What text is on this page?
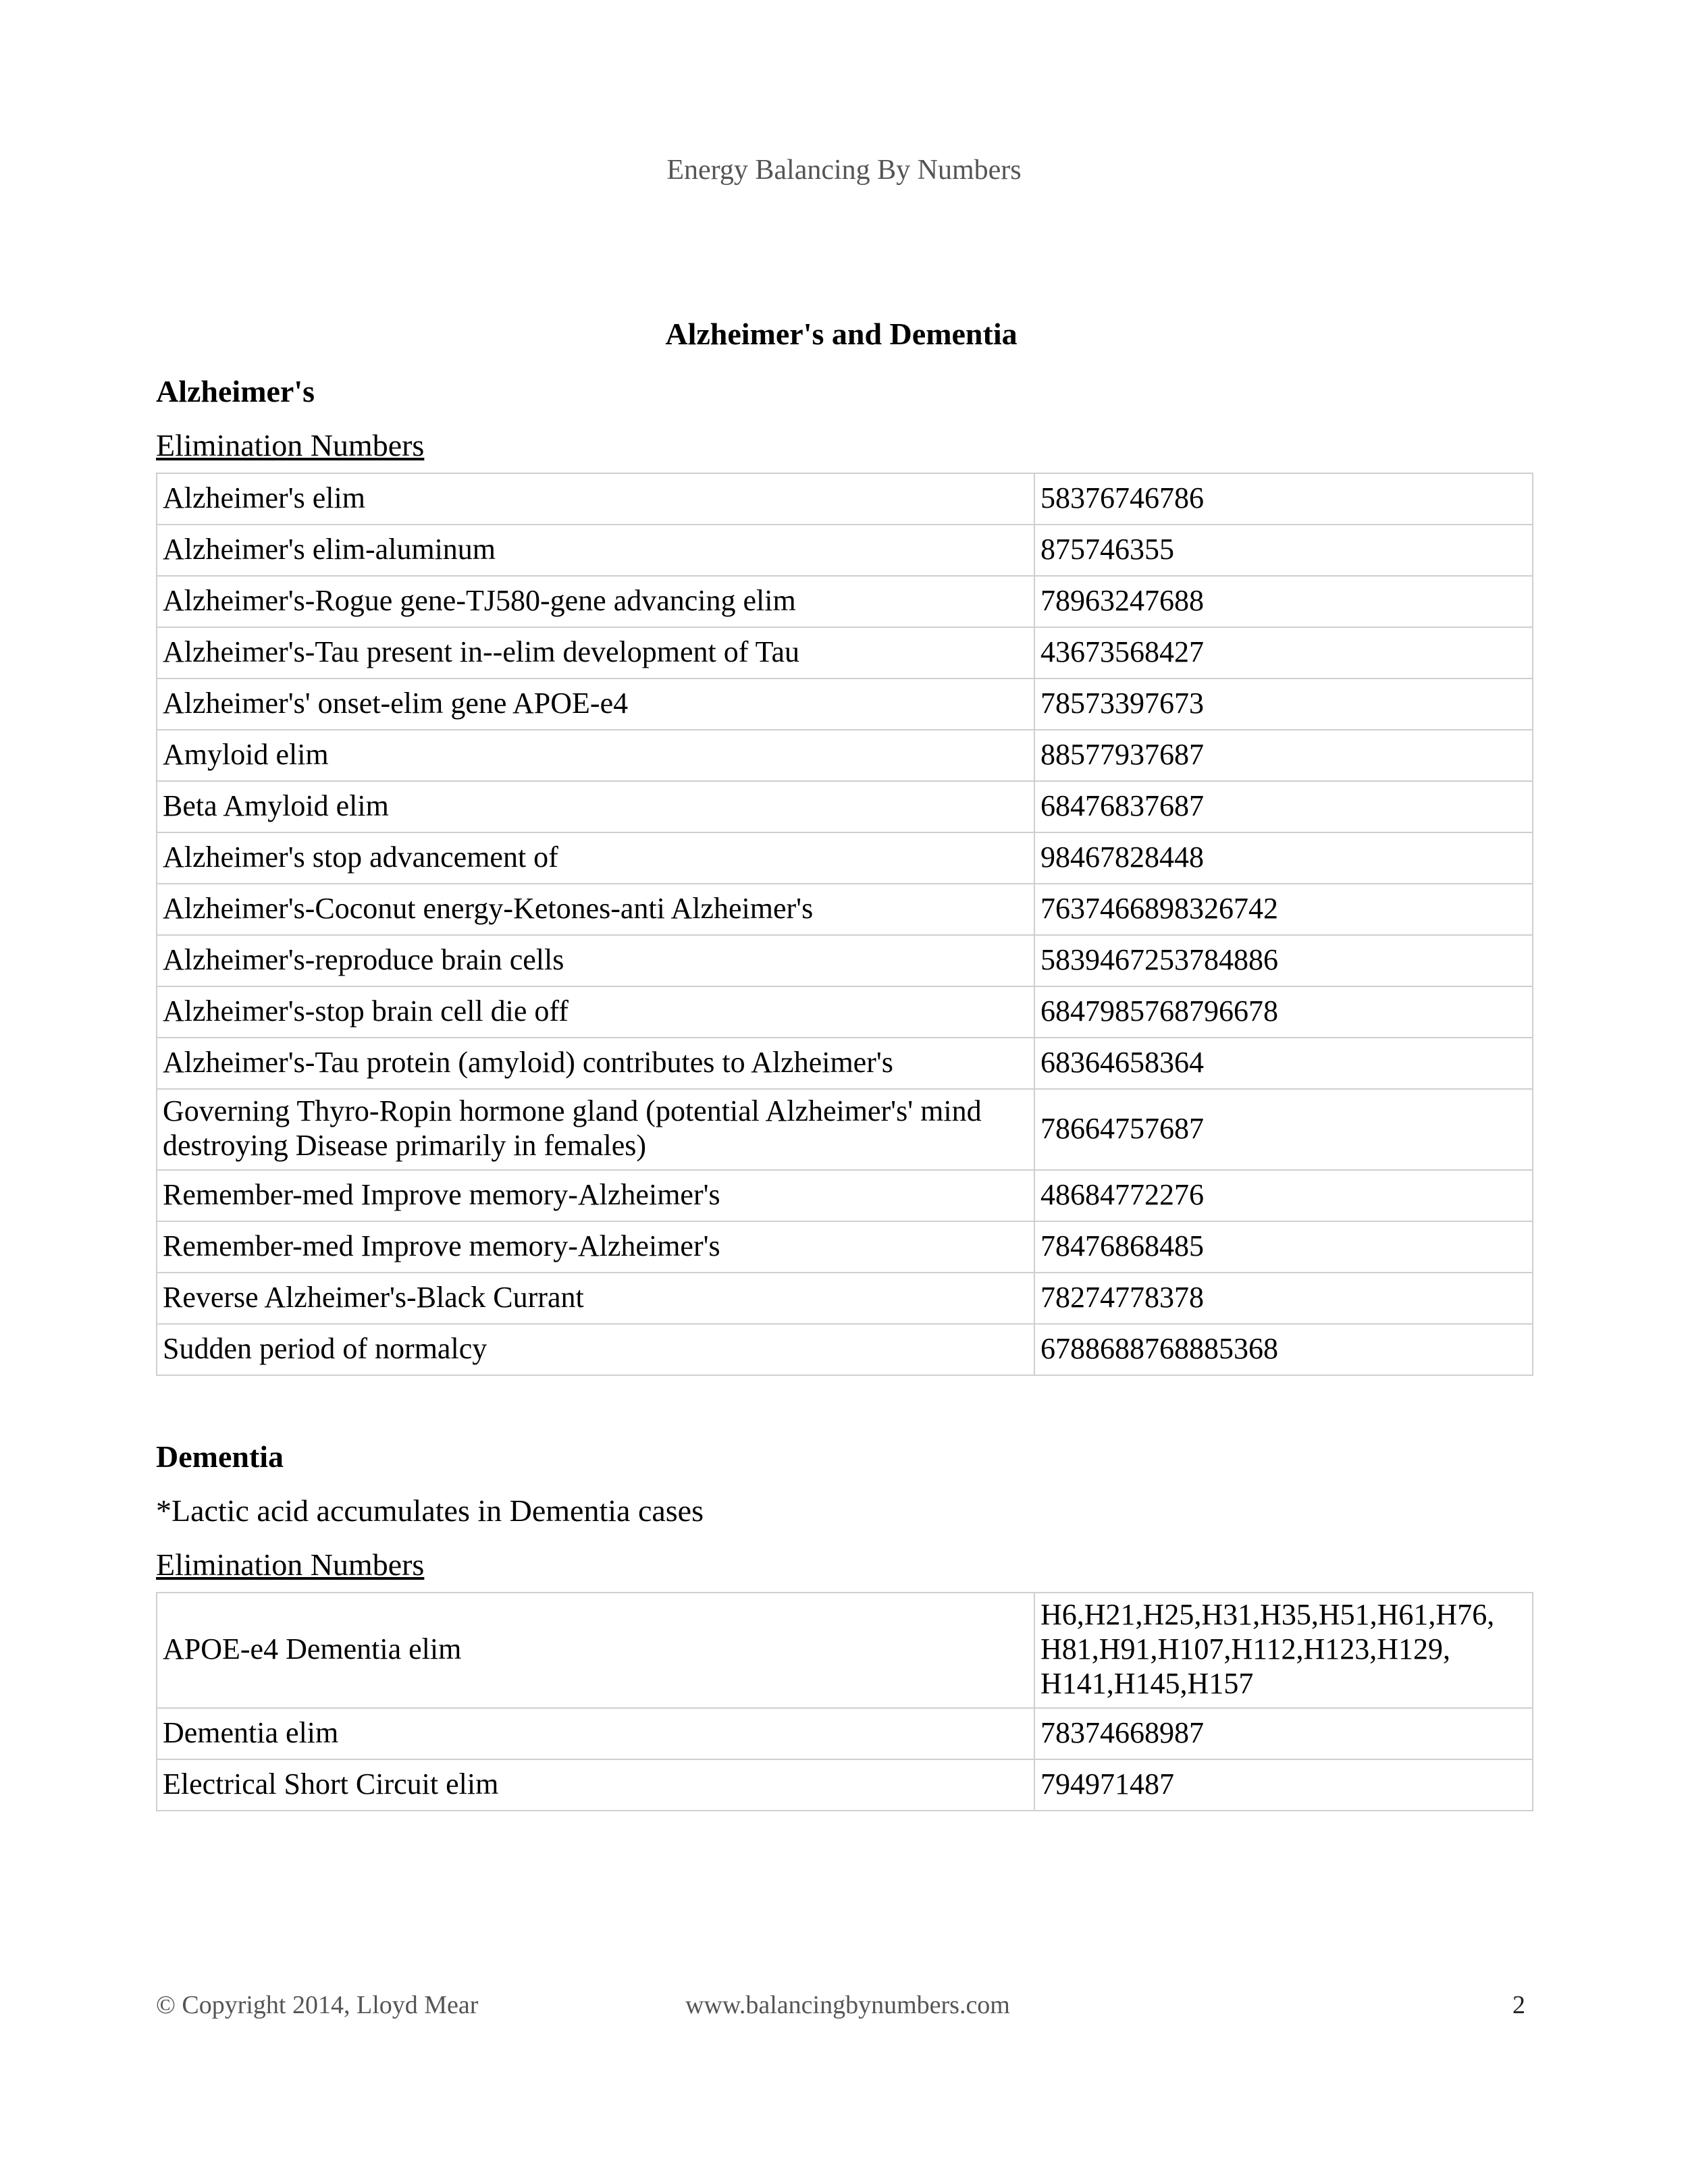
Energy Balancing By Numbers
Alzheimer's and Dementia
Alzheimer's
Elimination Numbers
Alzheimer's elim	58376746786
Alzheimer's elim-aluminum	875746355
Alzheimer's-Rogue gene-TJ580-gene advancing elim	78963247688
Alzheimer's-Tau present in--elim development of Tau	43673568427
Alzheimer's' onset-elim gene APOE-e4	78573397673
Amyloid elim	88577937687
Beta Amyloid elim	68476837687
Alzheimer's stop advancement of	98467828448
Alzheimer's-Coconut energy-Ketones-anti Alzheimer's	7637466898326742
Alzheimer's-reproduce brain cells	5839467253784886
Alzheimer's-stop brain cell die off	6847985768796678
Alzheimer's-Tau protein (amyloid) contributes to Alzheimer's	68364658364
Governing Thyro-Ropin hormone gland (potential Alzheimer's' mind destroying Disease primarily in females)	78664757687
Remember-med Improve memory-Alzheimer's	48684772276
Remember-med Improve memory-Alzheimer's	78476868485
Reverse Alzheimer's-Black Currant	78274778378
Sudden period of normalcy	6788688768885368
Dementia
*Lactic acid accumulates in Dementia cases
Elimination Numbers
APOE-e4 Dementia elim	H6,H21,H25,H31,H35,H51,H61,H76, H81,H91,H107,H112,H123,H129, H141,H145,H157
Dementia elim	78374668987
Electrical Short Circuit elim	794971487
© Copyright 2014, Lloyd Mear	www.balancingbynumbers.com	2
